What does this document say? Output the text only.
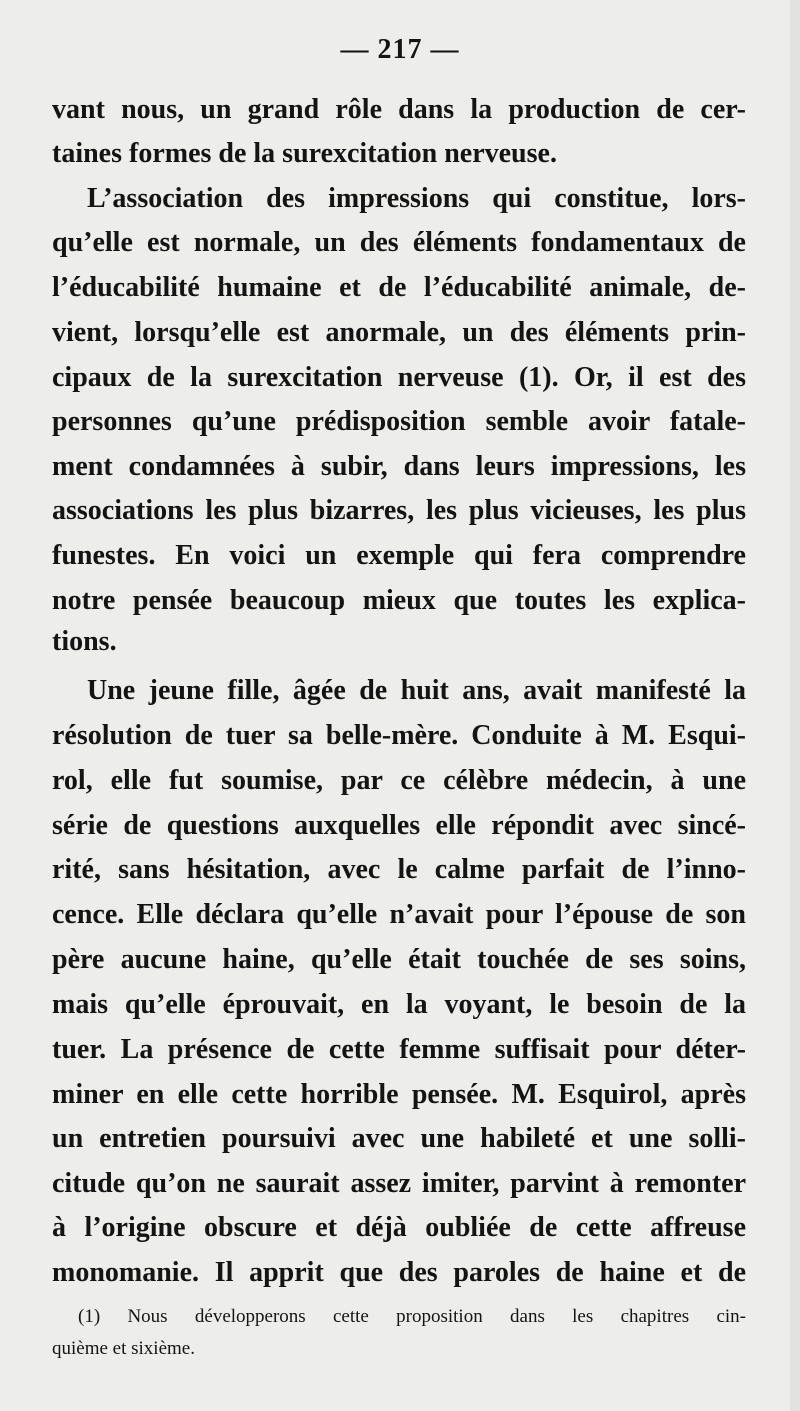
— 217 —
vant nous, un grand rôle dans la production de cer-
taines formes de la surexcitation nerveuse.
L’association des impressions qui constitue, lors-
qu’elle est normale, un des éléments fondamentaux de
l’éducabilité humaine et de l’éducabilité animale, de-
vient, lorsqu’elle est anormale, un des éléments prin-
cipaux de la surexcitation nerveuse (1). Or, il est des
personnes qu’une prédisposition semble avoir fatale-
ment condamnées à subir, dans leurs impressions, les
associations les plus bizarres, les plus vicieuses, les plus
funestes. En voici un exemple qui fera comprendre
notre pensée beaucoup mieux que toutes les explica-
tions.
Une jeune fille, âgée de huit ans, avait manifesté la
résolution de tuer sa belle-mère. Conduite à M. Esqui-
rol, elle fut soumise, par ce célèbre médecin, à une
série de questions auxquelles elle répondit avec sincé-
rité, sans hésitation, avec le calme parfait de l’inno-
cence. Elle déclara qu’elle n’avait pour l’épouse de son
père aucune haine, qu’elle était touchée de ses soins,
mais qu’elle éprouvait, en la voyant, le besoin de la
tuer. La présence de cette femme suffisait pour déter-
miner en elle cette horrible pensée. M. Esquirol, après
un entretien poursuivi avec une habileté et une solli-
citude qu’on ne saurait assez imiter, parvint à remonter
à l’origine obscure et déjà oubliée de cette affreuse
monomanie. Il apprit que des paroles de haine et de
(1) Nous développerons cette proposition dans les chapitres cin-
quième et sixième.
